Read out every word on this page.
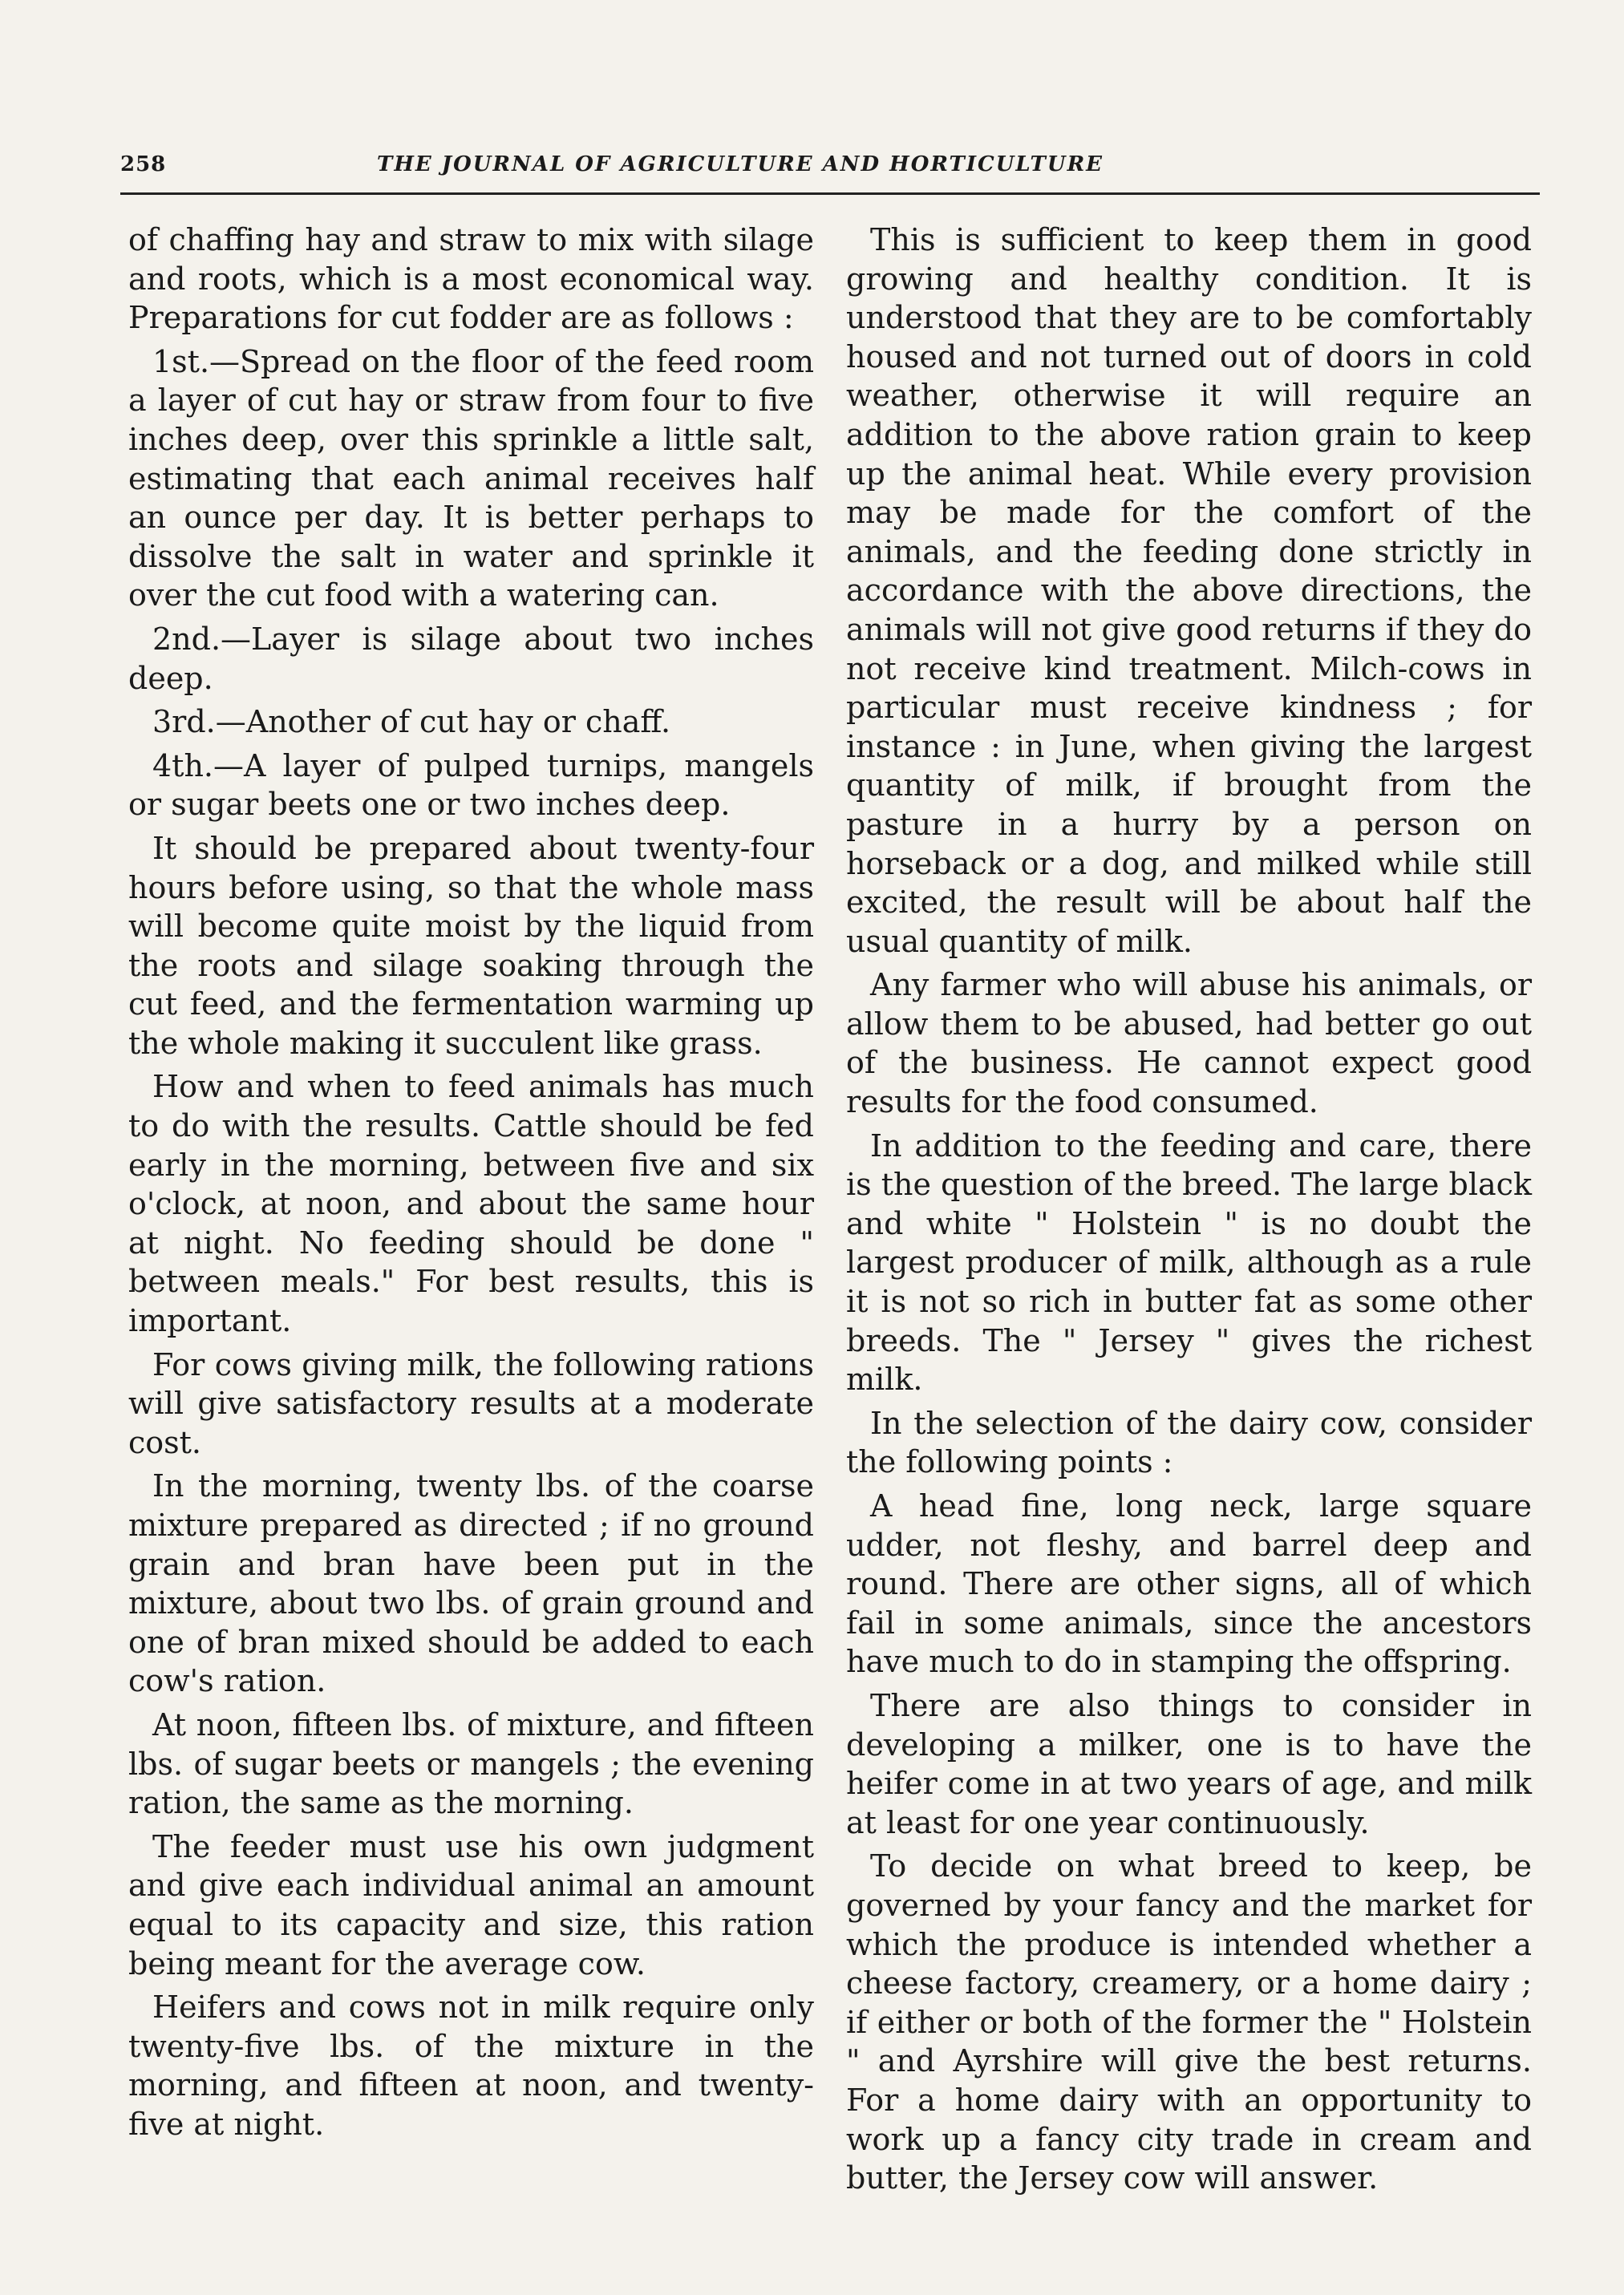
258	THE JOURNAL OF AGRICULTURE AND HORTICULTURE

of chaffing hay and straw to mix with silage and roots, which is a most economical way. Preparations for cut fodder are as follows :

1st.—Spread on the floor of the feed room a layer of cut hay or straw from four to five inches deep, over this sprinkle a little salt, estimating that each animal receives half an ounce per day. It is better perhaps to dissolve the salt in water and sprinkle it over the cut food with a watering can.

2nd.—Layer is silage about two inches deep.

3rd.—Another of cut hay or chaff.

4th.—A layer of pulped turnips, mangels or sugar beets one or two inches deep.

It should be prepared about twenty-four hours before using, so that the whole mass will become quite moist by the liquid from the roots and silage soaking through the cut feed, and the fermentation warming up the whole making it succulent like grass.

How and when to feed animals has much to do with the results. Cattle should be fed early in the morning, between five and six o'clock, at noon, and about the same hour at night. No feeding should be done " between meals." For best results, this is important.

For cows giving milk, the following rations will give satisfactory results at a moderate cost.

In the morning, twenty lbs. of the coarse mixture prepared as directed ; if no ground grain and bran have been put in the mixture, about two lbs. of grain ground and one of bran mixed should be added to each cow's ration.

At noon, fifteen lbs. of mixture, and fifteen lbs. of sugar beets or mangels ; the evening ration, the same as the morning.

The feeder must use his own judgment and give each individual animal an amount equal to its capacity and size, this ration being meant for the average cow.

Heifers and cows not in milk require only twenty-five lbs. of the mixture in the morning, and fifteen at noon, and twenty-five at night.

This is sufficient to keep them in good growing and healthy condition. It is understood that they are to be comfortably housed and not turned out of doors in cold weather, otherwise it will require an addition to the above ration grain to keep up the animal heat. While every provision may be made for the comfort of the animals, and the feeding done strictly in accordance with the above directions, the animals will not give good returns if they do not receive kind treatment. Milch-cows in particular must receive kindness ; for instance : in June, when giving the largest quantity of milk, if brought from the pasture in a hurry by a person on horseback or a dog, and milked while still excited, the result will be about half the usual quantity of milk.

Any farmer who will abuse his animals, or allow them to be abused, had better go out of the business. He cannot expect good results for the food consumed.

In addition to the feeding and care, there is the question of the breed. The large black and white " Holstein " is no doubt the largest producer of milk, although as a rule it is not so rich in butter fat as some other breeds. The " Jersey " gives the richest milk.

In the selection of the dairy cow, consider the following points :

A head fine, long neck, large square udder, not fleshy, and barrel deep and round. There are other signs, all of which fail in some animals, since the ancestors have much to do in stamping the offspring.

There are also things to consider in developing a milker, one is to have the heifer come in at two years of age, and milk at least for one year continuously.

To decide on what breed to keep, be governed by your fancy and the market for which the produce is intended whether a cheese factory, creamery, or a home dairy ; if either or both of the former the " Holstein " and Ayrshire will give the best returns. For a home dairy with an opportunity to work up a fancy city trade in cream and butter, the Jersey cow will answer.
